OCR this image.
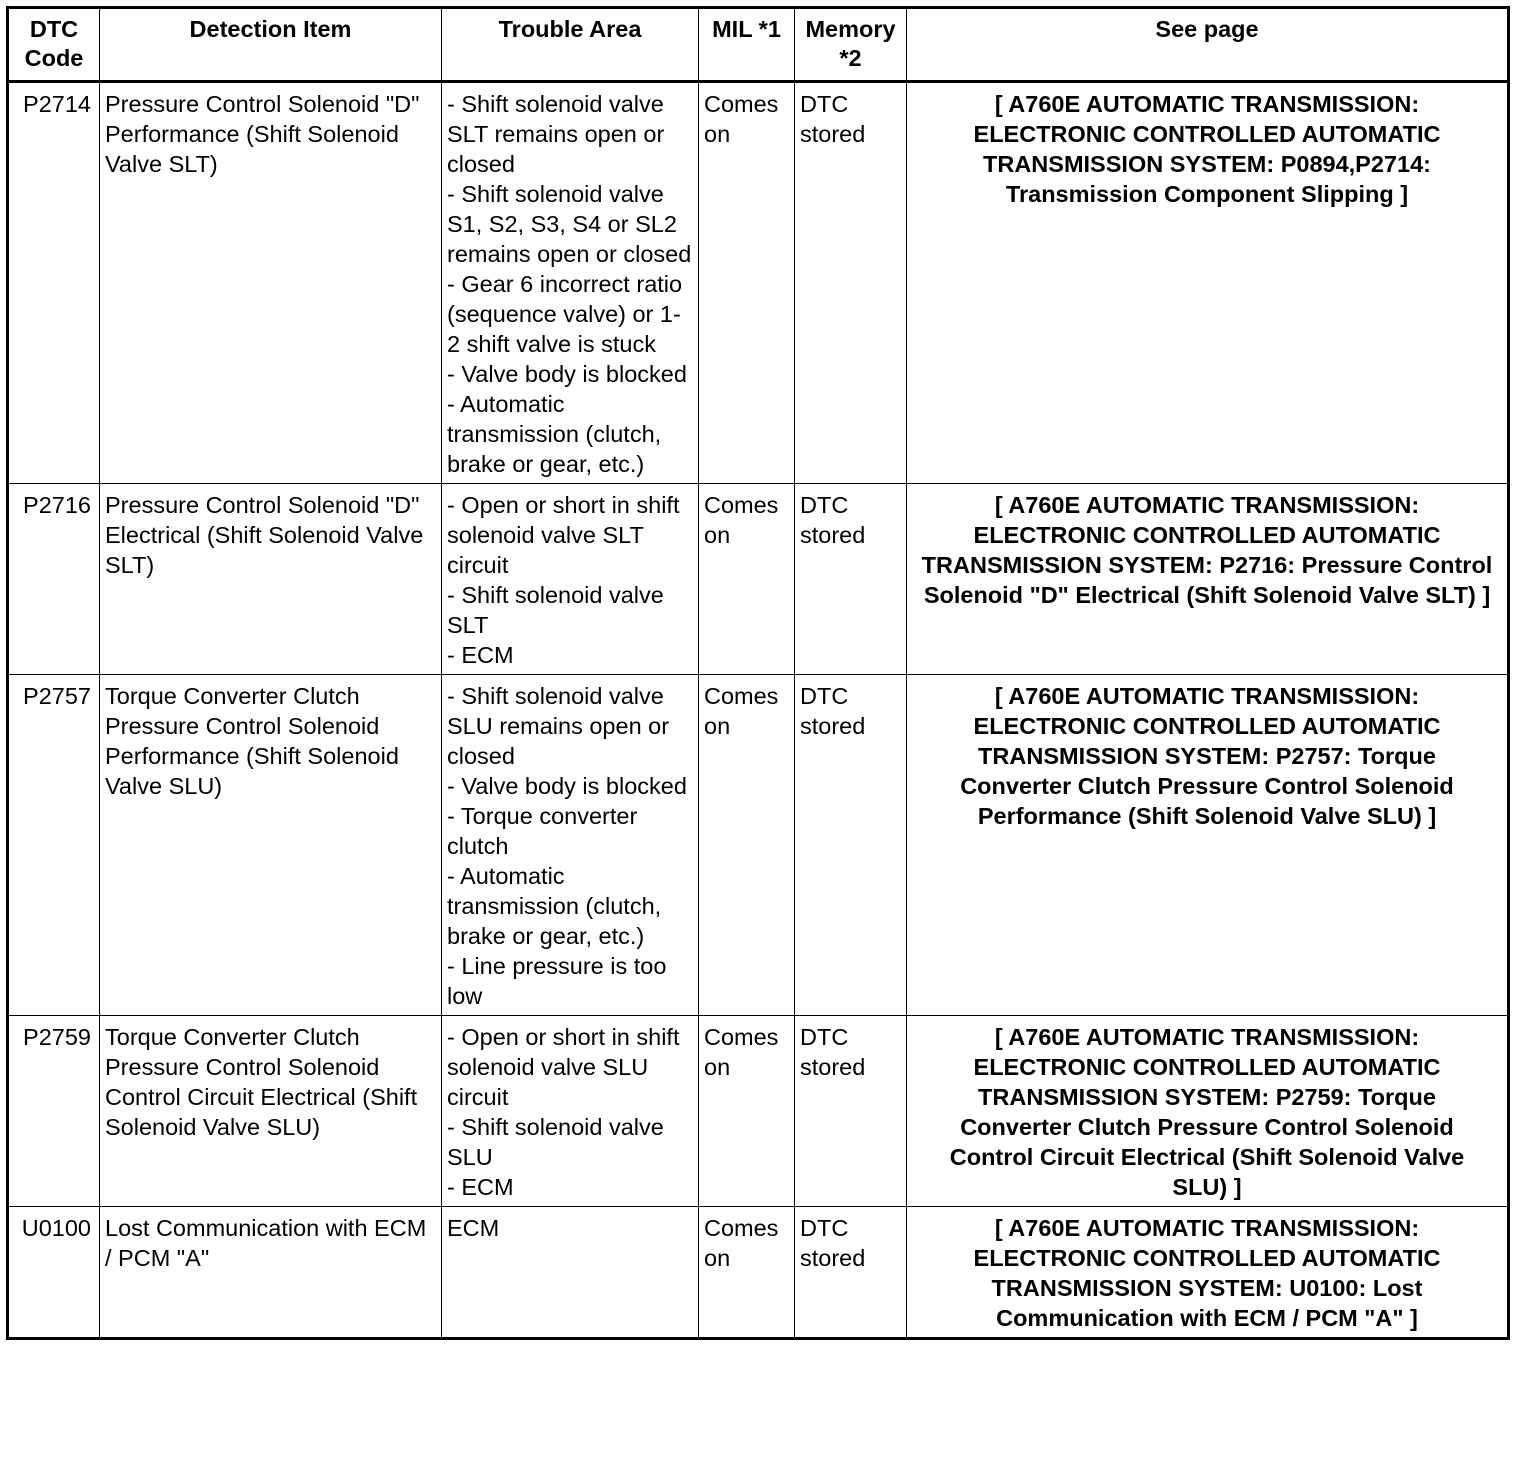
DTC Code	Detection Item	Trouble Area	MIL *1	Memory *2	See page
P2714	Pressure Control Solenoid "D" Performance (Shift Solenoid Valve SLT)	- Shift solenoid valve SLT remains open or closed
- Shift solenoid valve S1, S2, S3, S4 or SL2 remains open or closed
- Gear 6 incorrect ratio (sequence valve) or 1-2 shift valve is stuck
- Valve body is blocked
- Automatic transmission (clutch, brake or gear, etc.)	Comes on	DTC stored	[ A760E AUTOMATIC TRANSMISSION: ELECTRONIC CONTROLLED AUTOMATIC TRANSMISSION SYSTEM: P0894,P2714: Transmission Component Slipping ]
P2716	Pressure Control Solenoid "D" Electrical (Shift Solenoid Valve SLT)	- Open or short in shift solenoid valve SLT circuit
- Shift solenoid valve SLT
- ECM	Comes on	DTC stored	[ A760E AUTOMATIC TRANSMISSION: ELECTRONIC CONTROLLED AUTOMATIC TRANSMISSION SYSTEM: P2716: Pressure Control Solenoid "D" Electrical (Shift Solenoid Valve SLT) ]
P2757	Torque Converter Clutch Pressure Control Solenoid Performance (Shift Solenoid Valve SLU)	- Shift solenoid valve SLU remains open or closed
- Valve body is blocked
- Torque converter clutch
- Automatic transmission (clutch, brake or gear, etc.)
- Line pressure is too low	Comes on	DTC stored	[ A760E AUTOMATIC TRANSMISSION: ELECTRONIC CONTROLLED AUTOMATIC TRANSMISSION SYSTEM: P2757: Torque Converter Clutch Pressure Control Solenoid Performance (Shift Solenoid Valve SLU) ]
P2759	Torque Converter Clutch Pressure Control Solenoid Control Circuit Electrical (Shift Solenoid Valve SLU)	- Open or short in shift solenoid valve SLU circuit
- Shift solenoid valve SLU
- ECM	Comes on	DTC stored	[ A760E AUTOMATIC TRANSMISSION: ELECTRONIC CONTROLLED AUTOMATIC TRANSMISSION SYSTEM: P2759: Torque Converter Clutch Pressure Control Solenoid Control Circuit Electrical (Shift Solenoid Valve SLU) ]
U0100	Lost Communication with ECM / PCM "A"	ECM	Comes on	DTC stored	[ A760E AUTOMATIC TRANSMISSION: ELECTRONIC CONTROLLED AUTOMATIC TRANSMISSION SYSTEM: U0100: Lost Communication with ECM / PCM "A" ]
